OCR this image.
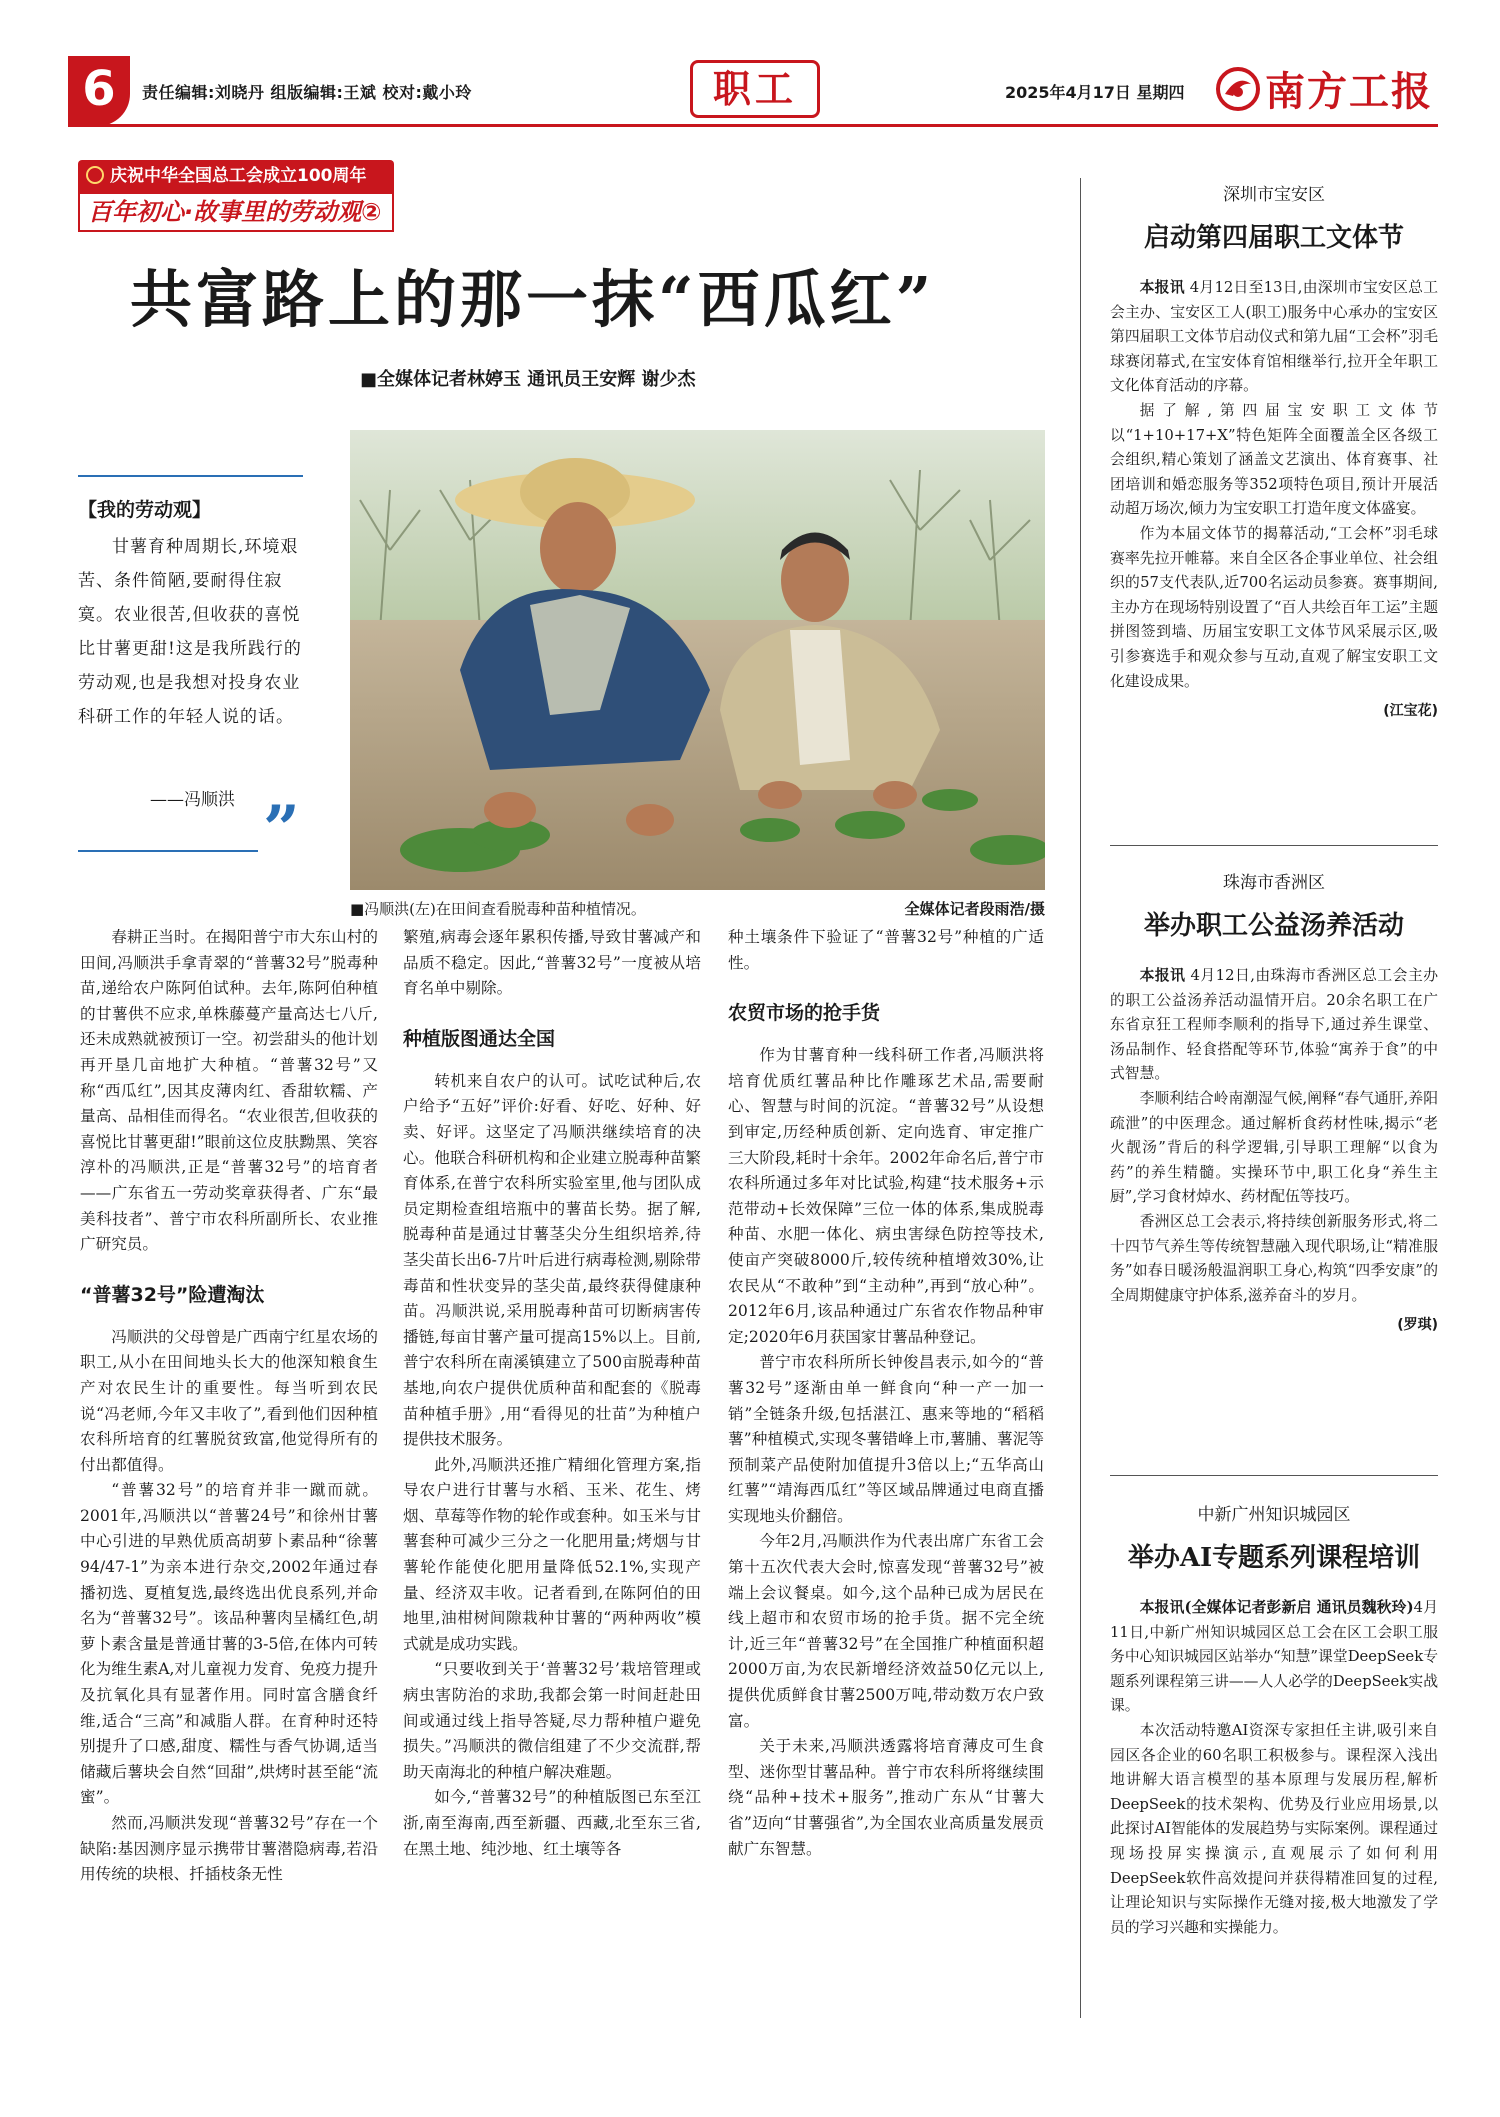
6	责任编辑:刘晓丹 组版编辑:王斌 校对:戴小玲	职工	2025年4月17日 星期四 南方工报
庆祝中华全国总工会成立100周年
百年初心·故事里的劳动观②
共富路上的那一抹“西瓜红”
■全媒体记者林婷玉 通讯员王安辉 谢少杰
■冯顺洪(左)在田间查看脱毒种苗种植情况。	全媒体记者段雨浩/摄
【我的劳动观】
甘薯育种周期长,环境艰苦、条件简陋,要耐得住寂寞。农业很苦,但收获的喜悦比甘薯更甜!这是我所践行的劳动观,也是我想对投身农业科研工作的年轻人说的话。
——冯顺洪 ”

春耕正当时。在揭阳普宁市大东山村的田间,冯顺洪手拿青翠的“普薯32号”脱毒种苗,递给农户陈阿伯试种。去年,陈阿伯种植的甘薯供不应求,单株藤蔓产量高达七八斤,还未成熟就被预订一空。初尝甜头的他计划再开垦几亩地扩大种植。“普薯32号”又称“西瓜红”,因其皮薄肉红、香甜软糯、产量高、品相佳而得名。“农业很苦,但收获的喜悦比甘薯更甜!”眼前这位皮肤黝黑、笑容淳朴的冯顺洪,正是“普薯32号”的培育者——广东省五一劳动奖章获得者、广东“最美科技者”、普宁市农科所副所长、农业推广研究员。

“普薯32号”险遭淘汰

冯顺洪的父母曾是广西南宁红星农场的职工,从小在田间地头长大的他深知粮食生产对农民生计的重要性。每当听到农民说“冯老师,今年又丰收了”,看到他们因种植农科所培育的红薯脱贫致富,他觉得所有的付出都值得。

“普薯32号”的培育并非一蹴而就。2001年,冯顺洪以“普薯24号”和徐州甘薯中心引进的早熟优质高胡萝卜素品种“徐薯94/47-1”为亲本进行杂交,2002年通过春播初选、夏植复选,最终选出优良系列,并命名为“普薯32号”。该品种薯肉呈橘红色,胡萝卜素含量是普通甘薯的3-5倍,在体内可转化为维生素A,对儿童视力发育、免疫力提升及抗氧化具有显著作用。同时富含膳食纤维,适合“三高”和减脂人群。在育种时还特别提升了口感,甜度、糯性与香气协调,适当储藏后薯块会自然“回甜”,烘烤时甚至能“流蜜”。

然而,冯顺洪发现“普薯32号”存在一个缺陷:基因测序显示携带甘薯潜隐病毒,若沿用传统的块根、扦插枝条无性

繁殖,病毒会逐年累积传播,导致甘薯减产和品质不稳定。因此,“普薯32号”一度被从培育名单中剔除。

种植版图通达全国

转机来自农户的认可。试吃试种后,农户给予“五好”评价:好看、好吃、好种、好卖、好评。这坚定了冯顺洪继续培育的决心。他联合科研机构和企业建立脱毒种苗繁育体系,在普宁农科所实验室里,他与团队成员定期检查组培瓶中的薯苗长势。据了解,脱毒种苗是通过甘薯茎尖分生组织培养,待茎尖苗长出6-7片叶后进行病毒检测,剔除带毒苗和性状变异的茎尖苗,最终获得健康种苗。冯顺洪说,采用脱毒种苗可切断病害传播链,每亩甘薯产量可提高15%以上。目前,普宁农科所在南溪镇建立了500亩脱毒种苗基地,向农户提供优质种苗和配套的《脱毒苗种植手册》,用“看得见的壮苗”为种植户提供技术服务。

此外,冯顺洪还推广精细化管理方案,指导农户进行甘薯与水稻、玉米、花生、烤烟、草莓等作物的轮作或套种。如玉米与甘薯套种可减少三分之一化肥用量;烤烟与甘薯轮作能使化肥用量降低52.1%,实现产量、经济双丰收。记者看到,在陈阿伯的田地里,油柑树间隙栽种甘薯的“两种两收”模式就是成功实践。

“只要收到关于‘普薯32号’栽培管理或病虫害防治的求助,我都会第一时间赶赴田间或通过线上指导答疑,尽力帮种植户避免损失。”冯顺洪的微信组建了不少交流群,帮助天南海北的种植户解决难题。

如今,“普薯32号”的种植版图已东至江浙,南至海南,西至新疆、西藏,北至东三省,在黑土地、纯沙地、红土壤等各

种土壤条件下验证了“普薯32号”种植的广适性。

农贸市场的抢手货

作为甘薯育种一线科研工作者,冯顺洪将培育优质红薯品种比作雕琢艺术品,需要耐心、智慧与时间的沉淀。“普薯32号”从设想到审定,历经种质创新、定向选育、审定推广三大阶段,耗时十余年。2002年命名后,普宁市农科所通过多年对比试验,构建“技术服务+示范带动+长效保障”三位一体的体系,集成脱毒种苗、水肥一体化、病虫害绿色防控等技术,使亩产突破8000斤,较传统种植增效30%,让农民从“不敢种”到“主动种”,再到“放心种”。2012年6月,该品种通过广东省农作物品种审定;2020年6月获国家甘薯品种登记。

普宁市农科所所长钟俊昌表示,如今的“普薯32号”逐渐由单一鲜食向“种一产一加一销”全链条升级,包括湛江、惠来等地的“稻稻薯”种植模式,实现冬薯错峰上市,薯脯、薯泥等预制菜产品使附加值提升3倍以上;“五华高山红薯”“靖海西瓜红”等区域品牌通过电商直播实现地头价翻倍。

今年2月,冯顺洪作为代表出席广东省工会第十五次代表大会时,惊喜发现“普薯32号”被端上会议餐桌。如今,这个品种已成为居民在线上超市和农贸市场的抢手货。据不完全统计,近三年“普薯32号”在全国推广种植面积超2000万亩,为农民新增经济效益50亿元以上,提供优质鲜食甘薯2500万吨,带动数万农户致富。

关于未来,冯顺洪透露将培育薄皮可生食型、迷你型甘薯品种。普宁市农科所将继续围绕“品种+技术+服务”,推动广东从“甘薯大省”迈向“甘薯强省”,为全国农业高质量发展贡献广东智慧。

深圳市宝安区
启动第四届职工文体节

本报讯 4月12日至13日,由深圳市宝安区总工会主办、宝安区工人(职工)服务中心承办的宝安区第四届职工文体节启动仪式和第九届“工会杯”羽毛球赛闭幕式,在宝安体育馆相继举行,拉开全年职工文化体育活动的序幕。

据了解,第四届宝安职工文体节以“1+10+17+X”特色矩阵全面覆盖全区各级工会组织,精心策划了涵盖文艺演出、体育赛事、社团培训和婚恋服务等352项特色项目,预计开展活动超万场次,倾力为宝安职工打造年度文体盛宴。

作为本届文体节的揭幕活动,“工会杯”羽毛球赛率先拉开帷幕。来自全区各企事业单位、社会组织的57支代表队,近700名运动员参赛。赛事期间,主办方在现场特别设置了“百人共绘百年工运”主题拼图签到墙、历届宝安职工文体节风采展示区,吸引参赛选手和观众参与互动,直观了解宝安职工文化建设成果。

(江宝花)
珠海市香洲区
举办职工公益汤养活动

本报讯 4月12日,由珠海市香洲区总工会主办的职工公益汤养活动温情开启。20余名职工在广东省京狂工程师李顺利的指导下,通过养生课堂、汤品制作、轻食搭配等环节,体验“寓养于食”的中式智慧。

李顺利结合岭南潮湿气候,阐释“春气通肝,养阳疏泄”的中医理念。通过解析食药材性味,揭示“老火靓汤”背后的科学逻辑,引导职工理解“以食为药”的养生精髓。实操环节中,职工化身“养生主厨”,学习食材焯水、药材配伍等技巧。

香洲区总工会表示,将持续创新服务形式,将二十四节气养生等传统智慧融入现代职场,让“精准服务”如春日暖汤般温润职工身心,构筑“四季安康”的全周期健康守护体系,滋养奋斗的岁月。

(罗琪)
中新广州知识城园区
举办AI专题系列课程培训

本报讯(全媒体记者彭新启 通讯员魏秋玲)4月11日,中新广州知识城园区总工会在区工会职工服务中心知识城园区站举办“知慧”课堂DeepSeek专题系列课程第三讲——人人必学的DeepSeek实战课。

本次活动特邀AI资深专家担任主讲,吸引来自园区各企业的60名职工积极参与。课程深入浅出地讲解大语言模型的基本原理与发展历程,解析DeepSeek的技术架构、优势及行业应用场景,以此探讨AI智能体的发展趋势与实际案例。课程通过现场投屏实操演示,直观展示了如何利用DeepSeek软件高效提问并获得精准回复的过程,让理论知识与实际操作无缝对接,极大地激发了学员的学习兴趣和实操能力。
